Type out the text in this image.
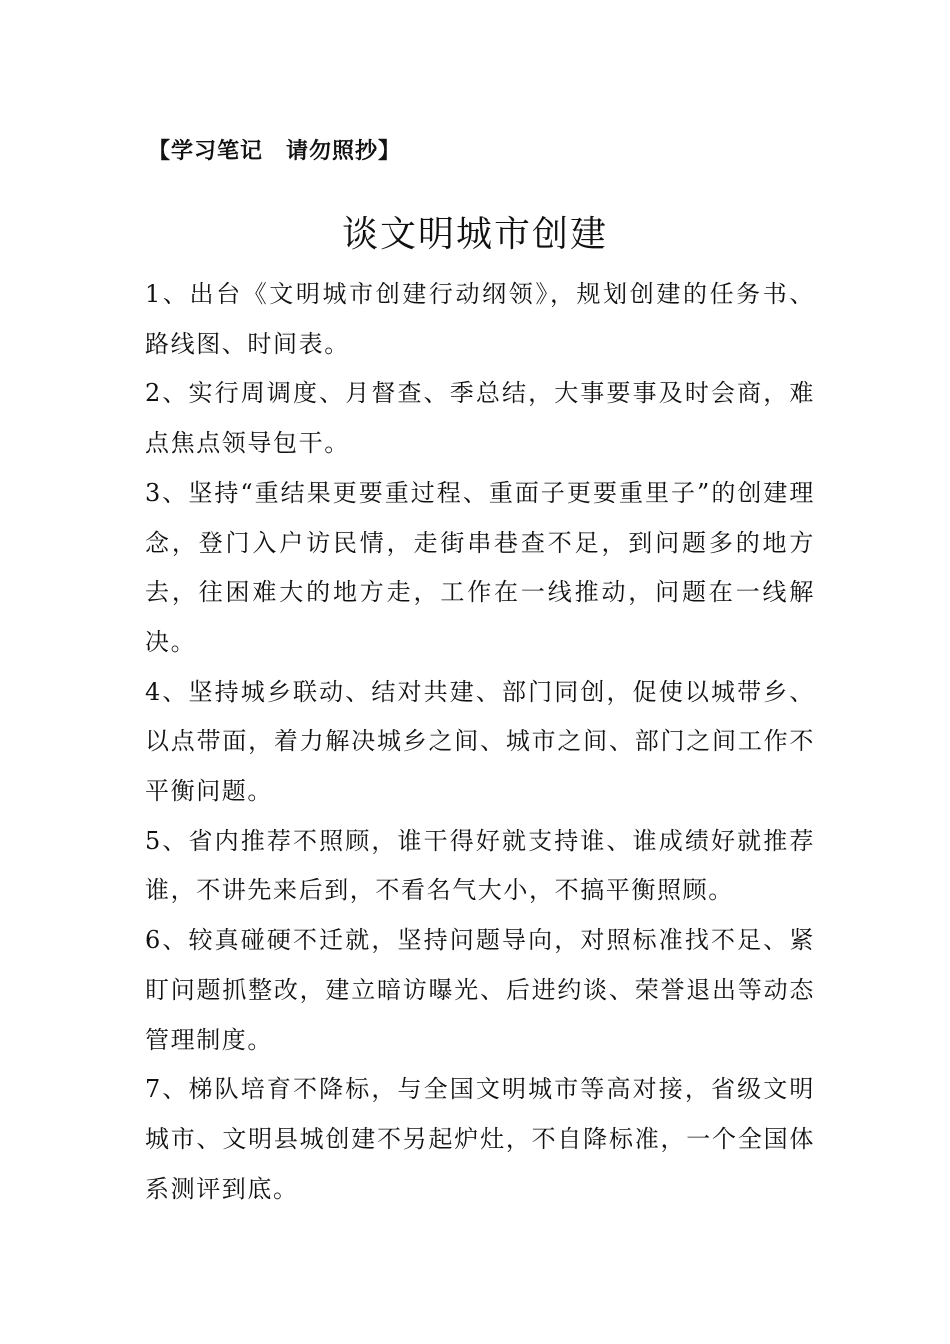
【学习笔记　请勿照抄】
谈文明城市创建

1、出台《文明城市创建行动纲领》，规划创建的任务书、路线图、时间表。

2、实行周调度、月督查、季总结，大事要事及时会商，难点焦点领导包干。

3、坚持“重结果更要重过程、重面子更要重里子”的创建理念，登门入户访民情，走街串巷查不足，到问题多的地方去，往困难大的地方走，工作在一线推动，问题在一线解决。

4、坚持城乡联动、结对共建、部门同创，促使以城带乡、以点带面，着力解决城乡之间、城市之间、部门之间工作不平衡问题。

5、省内推荐不照顾，谁干得好就支持谁、谁成绩好就推荐谁，不讲先来后到，不看名气大小，不搞平衡照顾。

6、较真碰硬不迁就，坚持问题导向，对照标准找不足、紧盯问题抓整改，建立暗访曝光、后进约谈、荣誉退出等动态管理制度。

7、梯队培育不降标，与全国文明城市等高对接，省级文明城市、文明县城创建不另起炉灶，不自降标准，一个全国体系测评到底。
